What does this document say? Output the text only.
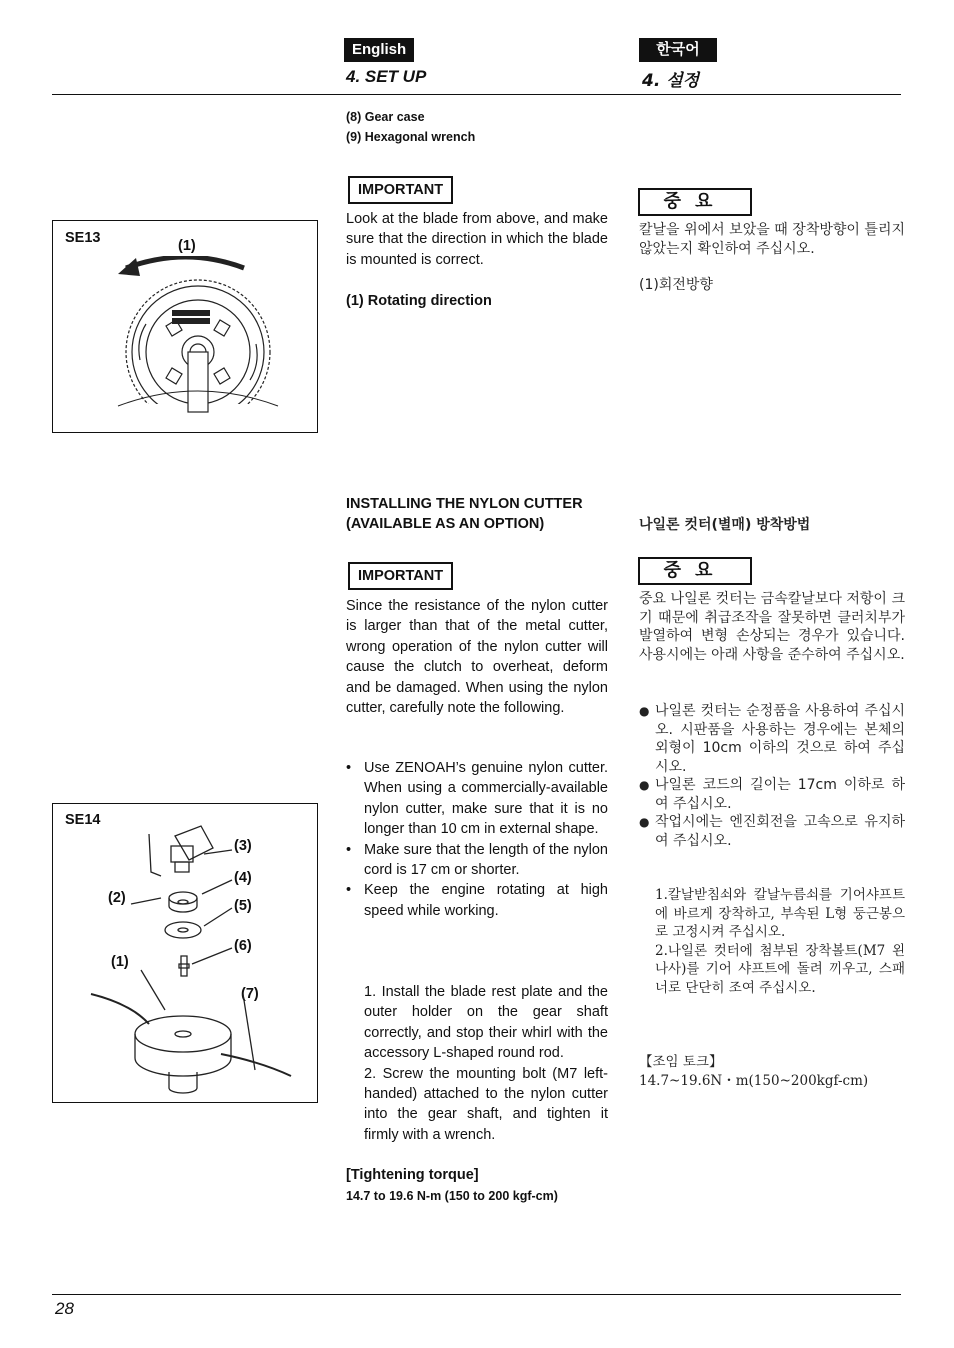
English	한국어
4. SET UP	4. 설정
(8) Gear case
(9) Hexagonal wrench
IMPORTANT
Look at the blade from above, and make sure that the direction in which the blade is mounted is correct.
(1) Rotating direction
중요
칼날을 위에서 보았을 때 장착방향이 틀리지 않았는지 확인하여 주십시오.
(1)회전방향
SE13	(1)
INSTALLING THE NYLON CUTTER
(AVAILABLE AS AN OPTION)
IMPORTANT
Since the resistance of the nylon cutter is larger than that of the metal cutter, wrong operation of the nylon cutter will cause the clutch to overheat, deform and be damaged. When using the nylon cutter, carefully note the following.
• Use ZENOAH’s genuine nylon cutter. When using a commercially-available nylon cutter, make sure that it is no longer than 10 cm in external shape.
• Make sure that the length of the nylon cord is 17 cm or shorter.
• Keep the engine rotating at high speed while working.
1. Install the blade rest plate and the outer holder on the gear shaft correctly, and stop their whirl with the accessory L-shaped round rod.
2. Screw the mounting bolt (M7 left-handed) attached to the nylon cutter into the gear shaft, and tighten it firmly with a wrench.
[Tightening torque]
14.7 to 19.6 N-m (150 to 200 kgf-cm)
나일론 컷터(별매) 방착방법
중요
중요 나일론 컷터는 금속칼날보다 저항이 크기 때문에 취급조작을 잘못하면 클러치부가 발열하여 변형 손상되는 경우가 있습니다. 사용시에는 아래 사항을 준수하여 주십시오.
● 나일론 컷터는 순정품을 사용하여 주십시오. 시판품을 사용하는 경우에는 본체의 외형이 10cm 이하의 것으로 하여 주십시오.
● 나일론 코드의 길이는 17cm 이하로 하여 주십시오.
● 작업시에는 엔진회전을 고속으로 유지하여 주십시오.
1.칼날받침쇠와 칼날누름쇠를 기어샤프트에 바르게 장착하고, 부속된 L형 둥근봉으로 고정시켜 주십시오.
2.나일론 컷터에 첨부된 장착볼트(M7 왼나사)를 기어 샤프트에 돌려 끼우고, 스패너로 단단히 조여 주십시오.
【조임 토크】
14.7~19.6N・m(150~200kgf-cm)
SE14
(1)
(2)
(3)
(4)
(5)
(6)
(7)
28
